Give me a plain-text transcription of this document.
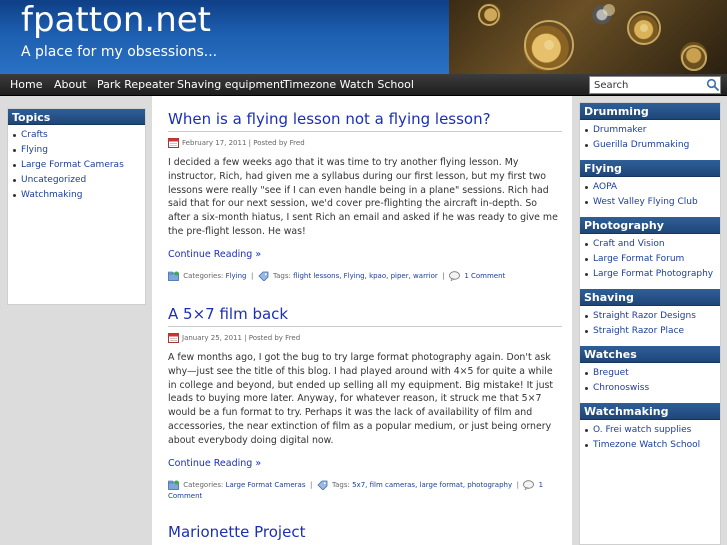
fpatton.net
A place for my obsessions...
Home About Park Repeater Shaving equipment
Timezone Watch School
Search
Topics
Crafts
Flying
Large Format Cameras
Uncategorized
Watchmaking
When is a flying lesson not a flying lesson?
February 17, 2011 | Posted by Fred
I decided a few weeks ago that it was time to try another flying lesson. My instructor, Rich, had given me a syllabus during our first lesson, but my first two lessons were really "see if I can even handle being in a plane" sessions. Rich had said that for our next session, we'd cover pre-flighting the aircraft in-depth. So after a six-month hiatus, I sent Rich an email and asked if he was ready to give me the pre-flight lesson. He was!
Continue Reading »
Categories: Flying |	Tags: flight lessons, Flying, kpao, piper, warrior |	1 Comment
A 5×7 film back
January 25, 2011 | Posted by Fred
A few months ago, I got the bug to try large format photography again. Don't ask why—just see the title of this blog. I had played around with 4×5 for quite a while in college and beyond, but ended up selling all my equipment. Big mistake! It just leads to buying more later. Anyway, for whatever reason, it struck me that 5×7 would be a fun format to try. Perhaps it was the lack of availability of film and accessories, the near extinction of film as a popular medium, or just being ornery about everybody doing digital now.
Continue Reading »
Categories: Large Format Cameras |	Tags: 5x7, film cameras, large format, photography |	1 Comment
Marionette Project
Drumming
Drummaker
Guerilla Drummaking
Flying
AOPA
West Valley Flying Club
Photography
Craft and Vision
Large Format Forum
Large Format Photography
Shaving
Straight Razor Designs
Straight Razor Place
Watches
Breguet
Chronoswiss
Watchmaking
O. Frei watch supplies
Timezone Watch School
